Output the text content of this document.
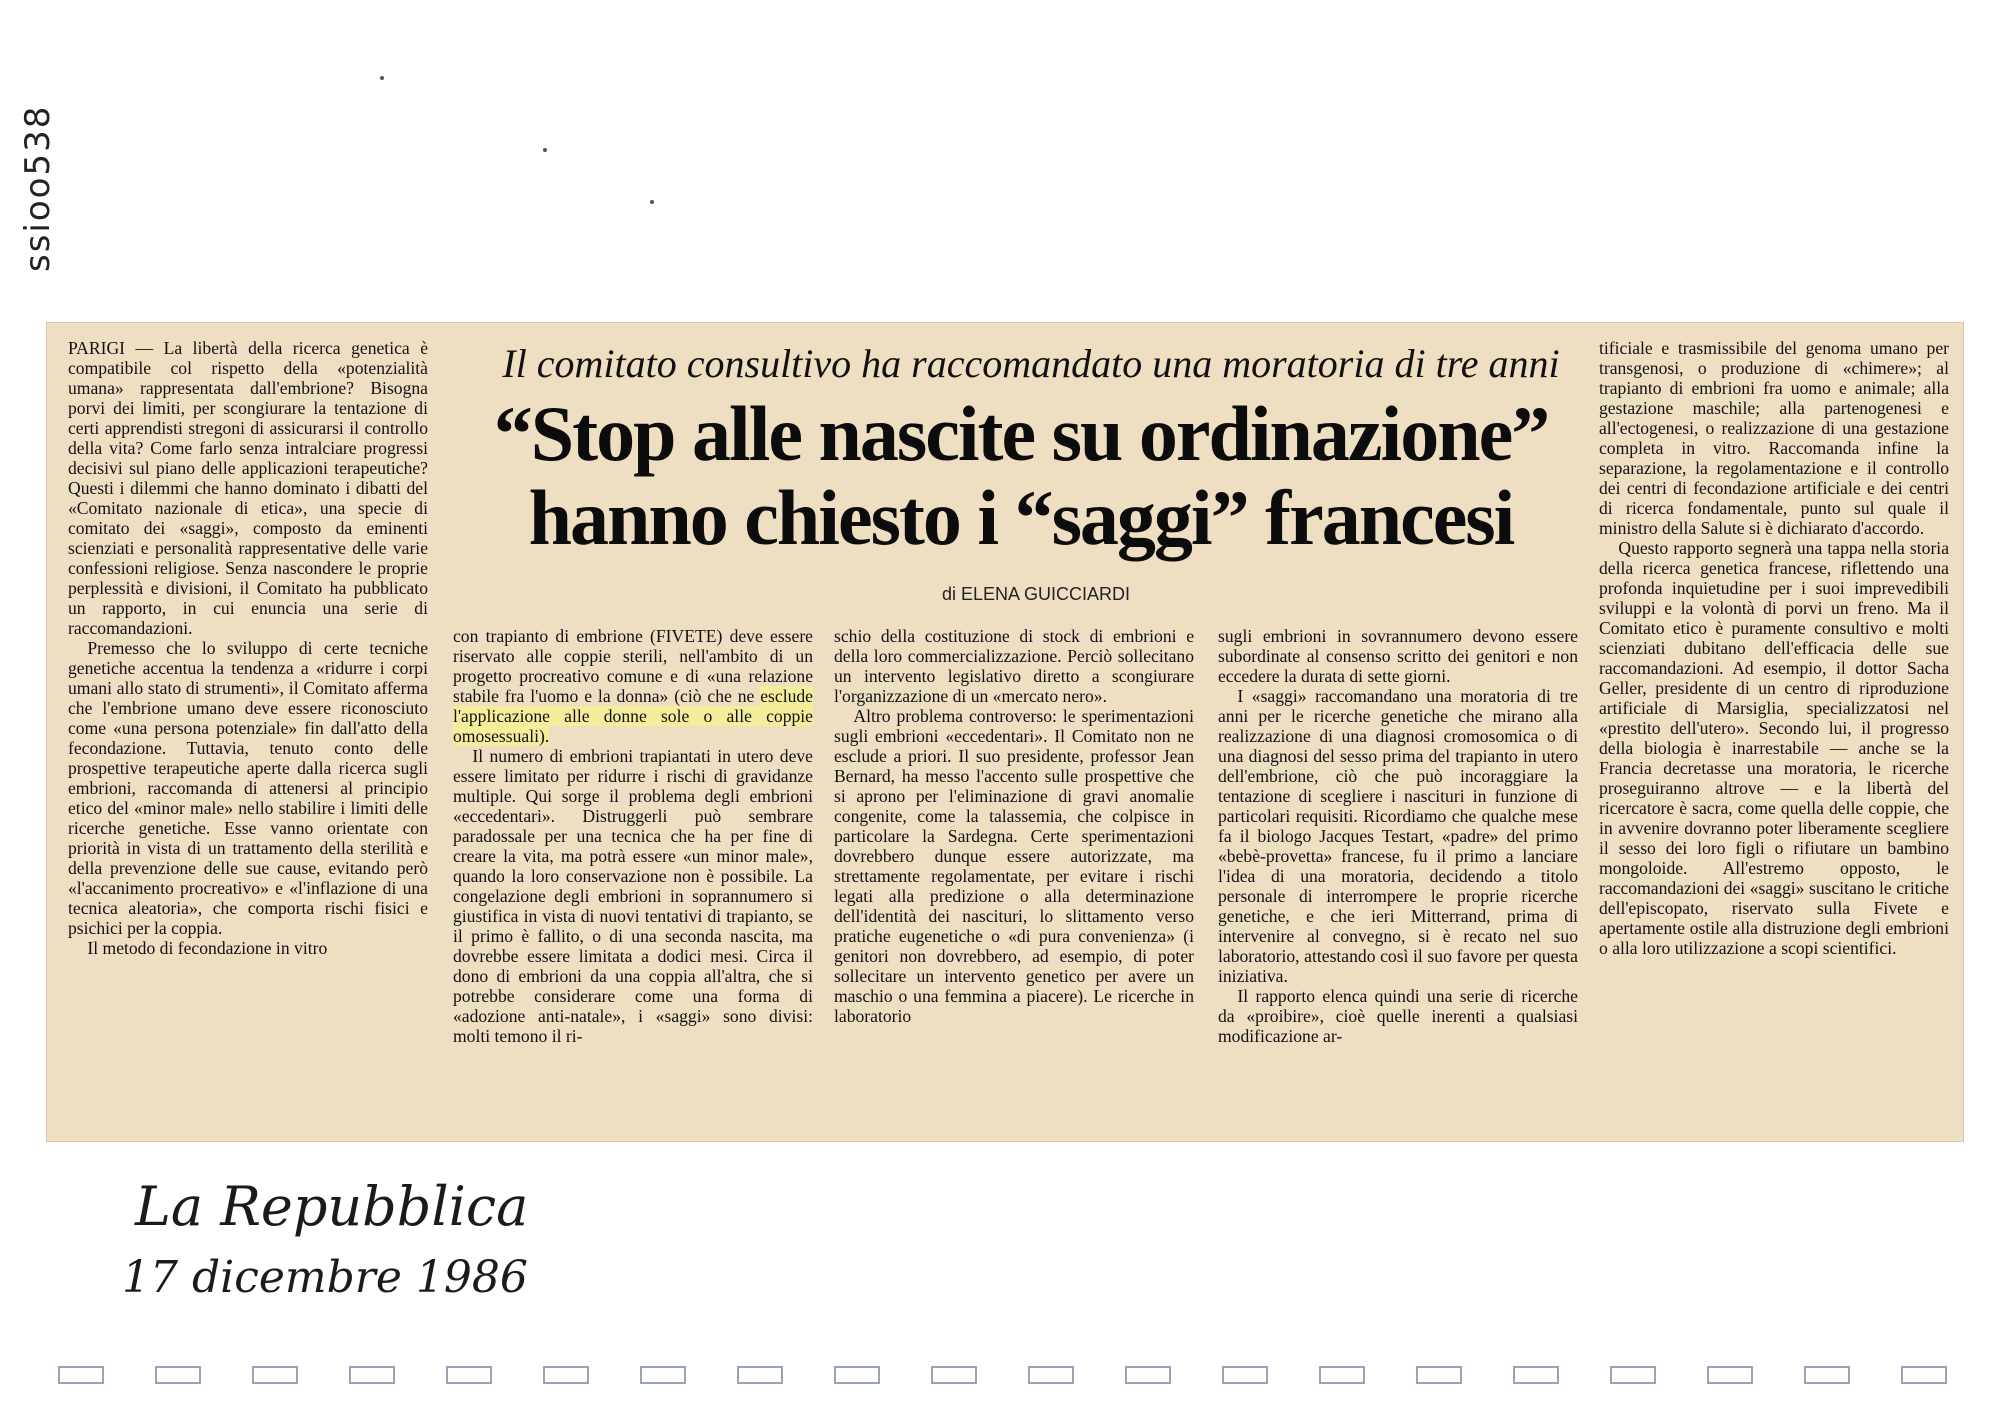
ssioo538

PARIGI — La libertà della ricerca genetica è compatibile col rispetto della «potenzialità umana» rappresentata dall'embrione? Bisogna porvi dei limiti, per scongiurare la tentazione di certi apprendisti stregoni di assicurarsi il controllo della vita? Come farlo senza intralciare progressi decisivi sul piano delle applicazioni terapeutiche? Questi i dilemmi che hanno dominato i dibatti del «Comitato nazionale di etica», una specie di comitato dei «saggi», composto da eminenti scienziati e personalità rappresentative delle varie confessioni religiose. Senza nascondere le proprie perplessità e divisioni, il Comitato ha pubblicato un rapporto, in cui enuncia una serie di raccomandazioni.

Premesso che lo sviluppo di certe tecniche genetiche accentua la tendenza a «ridurre i corpi umani allo stato di strumenti», il Comitato afferma che l'embrione umano deve essere riconosciuto come «una persona potenziale» fin dall'atto della fecondazione. Tuttavia, tenuto conto delle prospettive terapeutiche aperte dalla ricerca sugli embrioni, raccomanda di attenersi al principio etico del «minor male» nello stabilire i limiti delle ricerche genetiche. Esse vanno orientate con priorità in vista di un trattamento della sterilità e della prevenzione delle sue cause, evitando però «l'accanimento procreativo» e «l'inflazione di una tecnica aleatoria», che comporta rischi fisici e psichici per la coppia.

Il metodo di fecondazione in vitro

Il comitato consultivo ha raccomandato una moratoria di tre anni
“Stop alle nascite su ordinazione”
hanno chiesto i “saggi” francesi
di ELENA GUICCIARDI

con trapianto di embrione (FIVETE) deve essere riservato alle coppie sterili, nell'ambito di un progetto procreativo comune e di «una relazione stabile fra l'uomo e la donna» (ciò che ne esclude l'applicazione alle donne sole o alle coppie omosessuali).

Il numero di embrioni trapiantati in utero deve essere limitato per ridurre i rischi di gravidanze multiple. Qui sorge il problema degli embrioni «eccedentari». Distruggerli può sembrare paradossale per una tecnica che ha per fine di creare la vita, ma potrà essere «un minor male», quando la loro conservazione non è possibile. La congelazione degli embrioni in soprannumero si giustifica in vista di nuovi tentativi di trapianto, se il primo è fallito, o di una seconda nascita, ma dovrebbe essere limitata a dodici mesi. Circa il dono di embrioni da una coppia all'altra, che si potrebbe considerare come una forma di «adozione anti-natale», i «saggi» sono divisi: molti temono il ri-

schio della costituzione di stock di embrioni e della loro commercializzazione. Perciò sollecitano un intervento legislativo diretto a scongiurare l'organizzazione di un «mercato nero».

Altro problema controverso: le sperimentazioni sugli embrioni «eccedentari». Il Comitato non ne esclude a priori. Il suo presidente, professor Jean Bernard, ha messo l'accento sulle prospettive che si aprono per l'eliminazione di gravi anomalie congenite, come la talassemia, che colpisce in particolare la Sardegna. Certe sperimentazioni dovrebbero dunque essere autorizzate, ma strettamente regolamentate, per evitare i rischi legati alla predizione o alla determinazione dell'identità dei nascituri, lo slittamento verso pratiche eugenetiche o «di pura convenienza» (i genitori non dovrebbero, ad esempio, di poter sollecitare un intervento genetico per avere un maschio o una femmina a piacere). Le ricerche in laboratorio

sugli embrioni in sovrannumero devono essere subordinate al consenso scritto dei genitori e non eccedere la durata di sette giorni.

I «saggi» raccomandano una moratoria di tre anni per le ricerche genetiche che mirano alla realizzazione di una diagnosi cromosomica o di una diagnosi del sesso prima del trapianto in utero dell'embrione, ciò che può incoraggiare la tentazione di scegliere i nascituri in funzione di particolari requisiti. Ricordiamo che qualche mese fa il biologo Jacques Testart, «padre» del primo «bebè-provetta» francese, fu il primo a lanciare l'idea di una moratoria, decidendo a titolo personale di interrompere le proprie ricerche genetiche, e che ieri Mitterrand, prima di intervenire al convegno, si è recato nel suo laboratorio, attestando così il suo favore per questa iniziativa.

Il rapporto elenca quindi una serie di ricerche da «proibire», cioè quelle inerenti a qualsiasi modificazione ar-

tificiale e trasmissibile del genoma umano per transgenosi, o produzione di «chimere»; al trapianto di embrioni fra uomo e animale; alla gestazione maschile; alla partenogenesi e all'ectogenesi, o realizzazione di una gestazione completa in vitro. Raccomanda infine la separazione, la regolamentazione e il controllo dei centri di fecondazione artificiale e dei centri di ricerca fondamentale, punto sul quale il ministro della Salute si è dichiarato d'accordo.

Questo rapporto segnerà una tappa nella storia della ricerca genetica francese, riflettendo una profonda inquietudine per i suoi imprevedibili sviluppi e la volontà di porvi un freno. Ma il Comitato etico è puramente consultivo e molti scienziati dubitano dell'efficacia delle sue raccomandazioni. Ad esempio, il dottor Sacha Geller, presidente di un centro di riproduzione artificiale di Marsiglia, specializzatosi nel «prestito dell'utero». Secondo lui, il progresso della biologia è inarrestabile — anche se la Francia decretasse una moratoria, le ricerche proseguiranno altrove — e la libertà del ricercatore è sacra, come quella delle coppie, che in avvenire dovranno poter liberamente scegliere il sesso dei loro figli o rifiutare un bambino mongoloide. All'estremo opposto, le raccomandazioni dei «saggi» suscitano le critiche dell'episcopato, riservato sulla Fivete e apertamente ostile alla distruzione degli embrioni o alla loro utilizzazione a scopi scientifici.

La Repubblica
17 dicembre 1986
